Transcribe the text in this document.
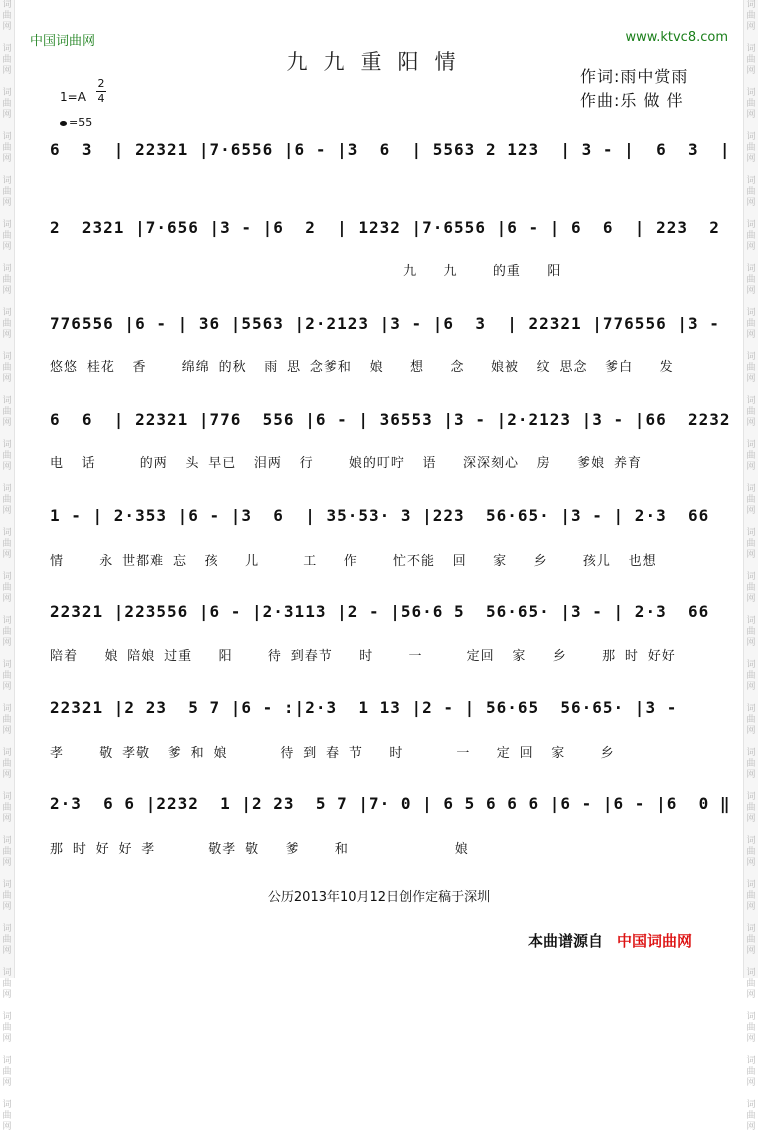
词
曲
网

词
曲
网

词
曲
网

词
曲
网

词
曲
网

词
曲
网

词
曲
网

词
曲
网

词
曲
网

词
曲
网

词
曲
网

词
曲
网

词
曲
网

词
曲
网

词
曲
网

词
曲
网

词
曲
网

词
曲
网

词
曲
网

词
曲
网

词
曲
网

词
曲
网

词
曲
网

词
曲
网

词
曲
网

词
曲
网

词
曲
网

词
曲
网

词
曲
网

词
曲
网

词
曲
网

词
曲
网

词
曲
网

词
曲
网

词
曲
网

词
曲
网

词
曲
网

词
曲
网

词
曲
网

词
曲
网

词
曲
网

词
曲
网

词
曲
网

词
曲
网

词
曲
网

词
曲
网

词
曲
网

词
曲
网

词
曲
网

词
曲
网

词
曲
网

词
曲
网

中国词曲网	www.ktvc8.com
九九重阳情
作词:雨中赏雨
作曲:乐 做 伴
1=A
2
4
=55
6  3  | 22321 |7·6556 |6 - |3  6  | 5563 2 123  | 3 - |  6  3  |
2  2321 |7·656 |3 - |6  2  | 1232 |7·6556 |6 - | 6  6  | 223  2
九   九    的重   阳
776556 |6 - | 36 |5563 |2·2123 |3 - |6  3  | 22321 |776556 |3 -
悠悠 桂花  香    绵绵 的秋  雨 思 念爹和  娘   想   念   娘被  纹 思念  爹白   发
6  6  | 22321 |776  556 |6 - | 36553 |3 - |2·2123 |3 - |66  2232
电  话     的两  头 早已  泪两  行    娘的叮咛  语   深深刻心  房   爹娘 养育
1 - | 2·353 |6 - |3  6  | 35·53· 3 |223  56·65· |3 - | 2·3  66
情    永 世都难 忘  孩   儿     工   作    忙不能  回   家   乡    孩儿  也想
22321 |223556 |6 - |2·3113 |2 - |56·6 5  56·65· |3 - | 2·3  66
陪着   娘 陪娘 过重   阳    待 到春节   时    一     定回  家   乡    那 时 好好
22321 |2 23  5 7 |6 - :|2·3  1 13 |2 - | 56·65  56·65· |3 -
孝    敬 孝敬  爹 和 娘      待 到 春 节   时      一   定 回  家    乡
2·3  6 6 |2232  1 |2 23  5 7 |7· 0 | 6 5 6 6 6 |6 - |6 - |6  0 ‖
那 时 好 好 孝      敬孝 敬   爹    和            娘
公历2013年10月12日创作定稿于深圳
本曲谱源自 中国词曲网
